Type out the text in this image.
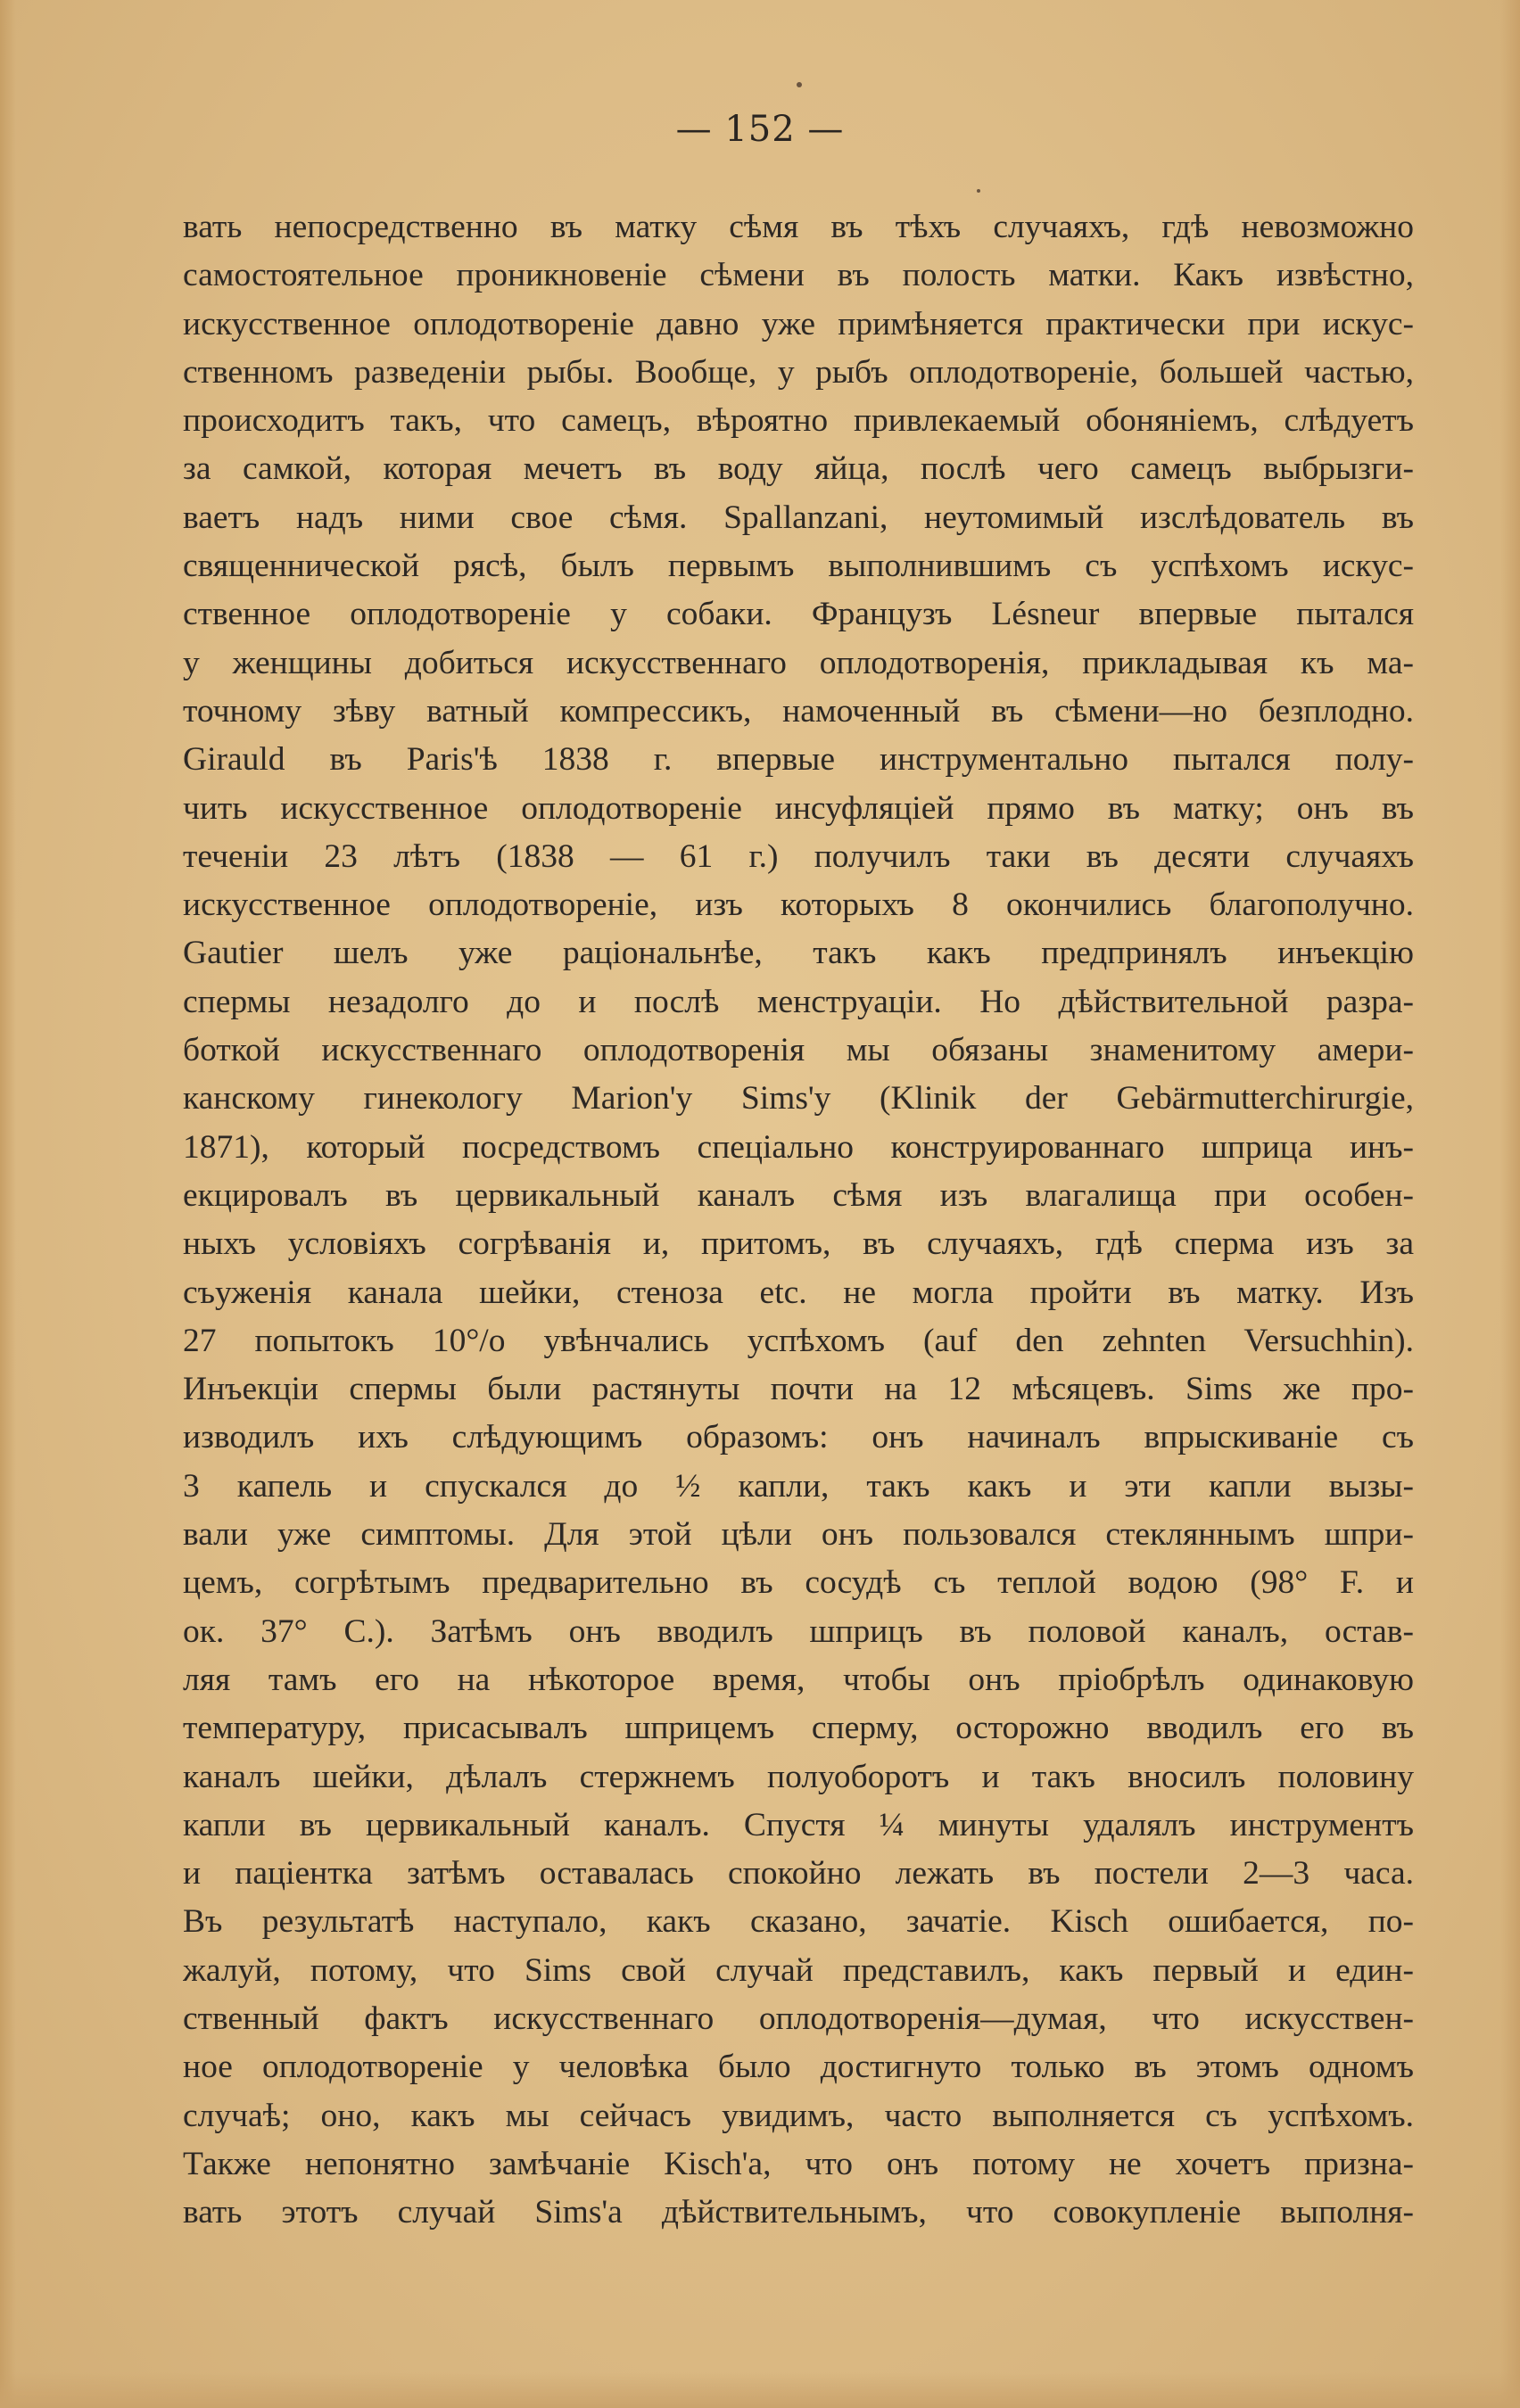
— 152 —
вать непосредственно въ матку сѣмя въ тѣхъ случаяхъ, гдѣ невозможно
самостоятельное проникновеніе сѣмени въ полость матки. Какъ извѣстно,
искусственное оплодотвореніе давно уже примѣняется практически при искус-
ственномъ разведеніи рыбы. Вообще, у рыбъ оплодотвореніе, большей частью,
происходитъ такъ, что самецъ, вѣроятно привлекаемый обоняніемъ, слѣдуетъ
за самкой, которая мечетъ въ воду яйца, послѣ чего самецъ выбрызги-
ваетъ надъ ними свое сѣмя. Spallanzani, неутомимый изслѣдователь въ
священнической рясѣ, былъ первымъ выполнившимъ съ успѣхомъ искус-
ственное оплодотвореніе у собаки. Французъ Lésneur впервые пытался
у женщины добиться искусственнаго оплодотворенія, прикладывая къ ма-
точному зѣву ватный компрессикъ, намоченный въ сѣмени—но безплодно.
Girauld въ Paris'ѣ 1838 г. впервые инструментально пытался полу-
чить искусственное оплодотвореніе инсуфляціей прямо въ матку; онъ въ
теченіи 23 лѣтъ (1838 — 61 г.) получилъ таки въ десяти случаяхъ
искусственное оплодотвореніе, изъ которыхъ 8 окончились благополучно.
Gautier шелъ уже раціональнѣе, такъ какъ предпринялъ инъекцію
спермы незадолго до и послѣ менструаціи. Но дѣйствительной разра-
боткой искусственнаго оплодотворенія мы обязаны знаменитому амери-
канскому гинекологу Marion'у Sims'у (Klinik der Gebärmutterchirurgie,
1871), который посредствомъ спеціально конструированнаго шприца инъ-
екцировалъ въ цервикальный каналъ сѣмя изъ влагалища при особен-
ныхъ условіяхъ согрѣванія и, притомъ, въ случаяхъ, гдѣ сперма изъ за
съуженія канала шейки, стеноза etc. не могла пройти въ матку. Изъ
27 попытокъ 10°/o увѣнчались успѣхомъ (auf den zehnten Versuchhin).
Инъекціи спермы были растянуты почти на 12 мѣсяцевъ. Sims же про-
изводилъ ихъ слѣдующимъ образомъ: онъ начиналъ впрыскиваніе съ
3 капель и спускался до ½ капли, такъ какъ и эти капли вызы-
вали уже симптомы. Для этой цѣли онъ пользовался стекляннымъ шпри-
цемъ, согрѣтымъ предварительно въ сосудѣ съ теплой водою (98° F. и
ок. 37° C.). Затѣмъ онъ вводилъ шприцъ въ половой каналъ, остав-
ляя тамъ его на нѣкоторое время, чтобы онъ пріобрѣлъ одинаковую
температуру, присасывалъ шприцемъ сперму, осторожно вводилъ его въ
каналъ шейки, дѣлалъ стержнемъ полуоборотъ и такъ вносилъ половину
капли въ цервикальный каналъ. Спустя ¼ минуты удалялъ инструментъ
и паціентка затѣмъ оставалась спокойно лежать въ постели 2—3 часа.
Въ результатѣ наступало, какъ сказано, зачатіе. Kisch ошибается, по-
жалуй, потому, что Sims свой случай представилъ, какъ первый и един-
ственный фактъ искусственнаго оплодотворенія—думая, что искусствен-
ное оплодотвореніе у человѣка было достигнуто только въ этомъ одномъ
случаѣ; оно, какъ мы сейчасъ увидимъ, часто выполняется съ успѣхомъ.
Также непонятно замѣчаніе Kisch'а, что онъ потому не хочетъ призна-
вать этотъ случай Sims'а дѣйствительнымъ, что совокупленіе выполня-
